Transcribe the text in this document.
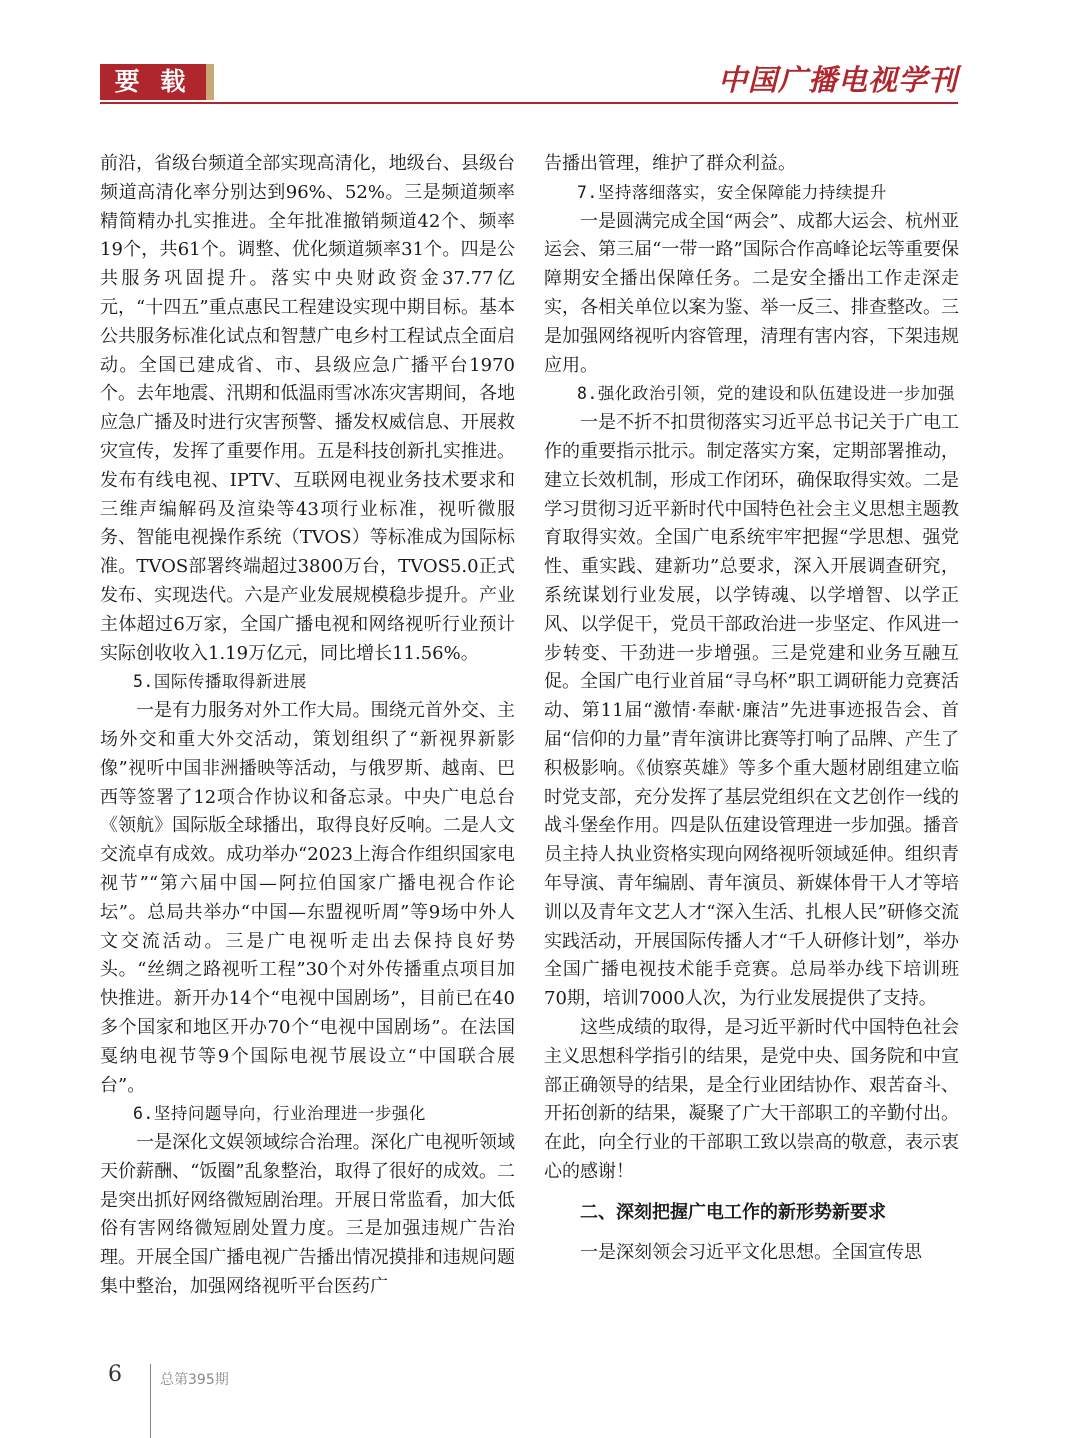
要 载	中国广播电视学刊

前沿，省级台频道全部实现高清化，地级台、县级台频道高清化率分别达到96%、52%。三是频道频率精简精办扎实推进。全年批准撤销频道42个、频率19个，共61个。调整、优化频道频率31个。四是公共服务巩固提升。落实中央财政资金37.77亿元，“十四五”重点惠民工程建设实现中期目标。基本公共服务标准化试点和智慧广电乡村工程试点全面启动。全国已建成省、市、县级应急广播平台1970个。去年地震、汛期和低温雨雪冰冻灾害期间，各地应急广播及时进行灾害预警、播发权威信息、开展救灾宣传，发挥了重要作用。五是科技创新扎实推进。发布有线电视、IPTV、互联网电视业务技术要求和三维声编解码及渲染等43项行业标准，视听微服务、智能电视操作系统（TVOS）等标准成为国际标准。TVOS部署终端超过3800万台，TVOS5.0正式发布、实现迭代。六是产业发展规模稳步提升。产业主体超过6万家，全国广播电视和网络视听行业预计实际创收收入1.19万亿元，同比增长11.56%。

5.国际传播取得新进展

一是有力服务对外工作大局。围绕元首外交、主场外交和重大外交活动，策划组织了“新视界新影像”视听中国非洲播映等活动，与俄罗斯、越南、巴西等签署了12项合作协议和备忘录。中央广电总台《领航》国际版全球播出，取得良好反响。二是人文交流卓有成效。成功举办“2023上海合作组织国家电视节”“第六届中国—阿拉伯国家广播电视合作论坛”。总局共举办“中国—东盟视听周”等9场中外人文交流活动。三是广电视听走出去保持良好势头。“丝绸之路视听工程”30个对外传播重点项目加快推进。新开办14个“电视中国剧场”，目前已在40多个国家和地区开办70个“电视中国剧场”。在法国戛纳电视节等9个国际电视节展设立“中国联合展台”。

6.坚持问题导向，行业治理进一步强化

一是深化文娱领域综合治理。深化广电视听领域天价薪酬、“饭圈”乱象整治，取得了很好的成效。二是突出抓好网络微短剧治理。开展日常监看，加大低俗有害网络微短剧处置力度。三是加强违规广告治理。开展全国广播电视广告播出情况摸排和违规问题集中整治，加强网络视听平台医药广

告播出管理，维护了群众利益。

7.坚持落细落实，安全保障能力持续提升

一是圆满完成全国“两会”、成都大运会、杭州亚运会、第三届“一带一路”国际合作高峰论坛等重要保障期安全播出保障任务。二是安全播出工作走深走实，各相关单位以案为鉴、举一反三、排查整改。三是加强网络视听内容管理，清理有害内容，下架违规应用。

8.强化政治引领，党的建设和队伍建设进一步加强

一是不折不扣贯彻落实习近平总书记关于广电工作的重要指示批示。制定落实方案，定期部署推动，建立长效机制，形成工作闭环，确保取得实效。二是学习贯彻习近平新时代中国特色社会主义思想主题教育取得实效。全国广电系统牢牢把握“学思想、强党性、重实践、建新功”总要求，深入开展调查研究，系统谋划行业发展，以学铸魂、以学增智、以学正风、以学促干，党员干部政治进一步坚定、作风进一步转变、干劲进一步增强。三是党建和业务互融互促。全国广电行业首届“寻乌杯”职工调研能力竞赛活动、第11届“激情·奉献·廉洁”先进事迹报告会、首届“信仰的力量”青年演讲比赛等打响了品牌、产生了积极影响。《侦察英雄》等多个重大题材剧组建立临时党支部，充分发挥了基层党组织在文艺创作一线的战斗堡垒作用。四是队伍建设管理进一步加强。播音员主持人执业资格实现向网络视听领域延伸。组织青年导演、青年编剧、青年演员、新媒体骨干人才等培训以及青年文艺人才“深入生活、扎根人民”研修交流实践活动，开展国际传播人才“千人研修计划”，举办全国广播电视技术能手竞赛。总局举办线下培训班70期，培训7000人次，为行业发展提供了支持。

这些成绩的取得，是习近平新时代中国特色社会主义思想科学指引的结果，是党中央、国务院和中宣部正确领导的结果，是全行业团结协作、艰苦奋斗、开拓创新的结果，凝聚了广大干部职工的辛勤付出。在此，向全行业的干部职工致以崇高的敬意，表示衷心的感谢！

二、深刻把握广电工作的新形势新要求

一是深刻领会习近平文化思想。全国宣传思

6	总第395期
